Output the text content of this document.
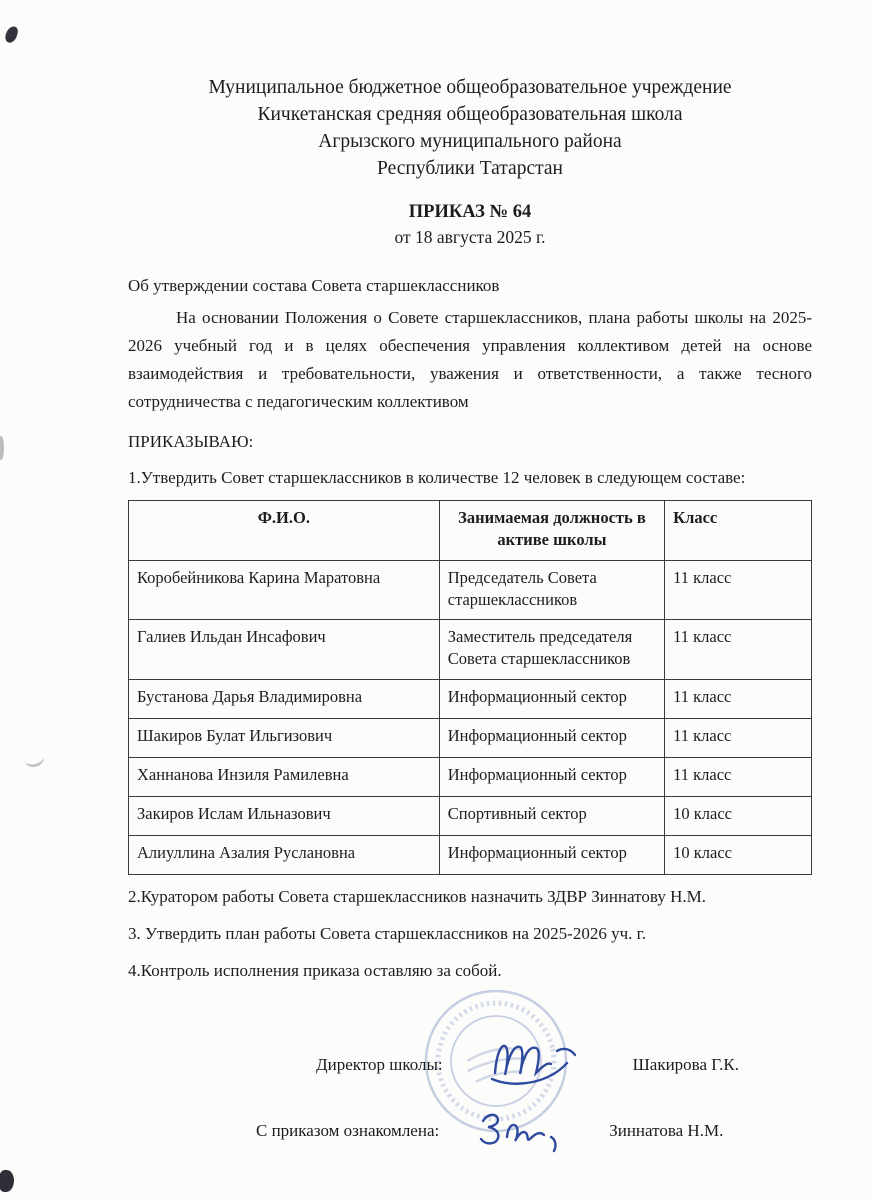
Муниципальное бюджетное общеобразовательное учреждение
Кичкетанская средняя общеобразовательная школа
Агрызского муниципального района
Республики Татарстан
ПРИКАЗ № 64
от 18 августа 2025 г.

Об утверждении состава Совета старшеклассников

На основании Положения о Совете старшеклассников, плана работы школы на 2025- 2026 учебный год и в целях обеспечения управления коллективом детей на основе взаимодействия и требовательности, уважения и ответственности, а также тесного сотрудничества с педагогическим коллективом

ПРИКАЗЫВАЮ:

1.Утвердить Совет старшеклассников в количестве 12 человек в следующем составе:

Ф.И.О.	Занимаемая должность в активе школы	Класс
Коробейникова Карина Маратовна	Председатель Совета старшеклассников	11 класс
Галиев Ильдан Инсафович	Заместитель председателя Совета старшеклассников	11 класс
Бустанова Дарья Владимировна	Информационный сектор	11 класс
Шакиров Булат Ильгизович	Информационный сектор	11 класс
Ханнанова Инзиля Рамилевна	Информационный сектор	11 класс
Закиров Ислам Ильназович	Спортивный сектор	10 класс
Алиуллина Азалия Руслановна	Информационный сектор	10 класс

2.Куратором работы Совета старшеклассников назначить ЗДВР Зиннатову Н.М.

3. Утвердить план работы Совета старшеклассников на 2025-2026 уч. г.

4.Контроль исполнения приказа оставляю за собой.

Директор школы:	Шакирова Г.К.
С приказом ознакомлена:	Зиннатова Н.М.
